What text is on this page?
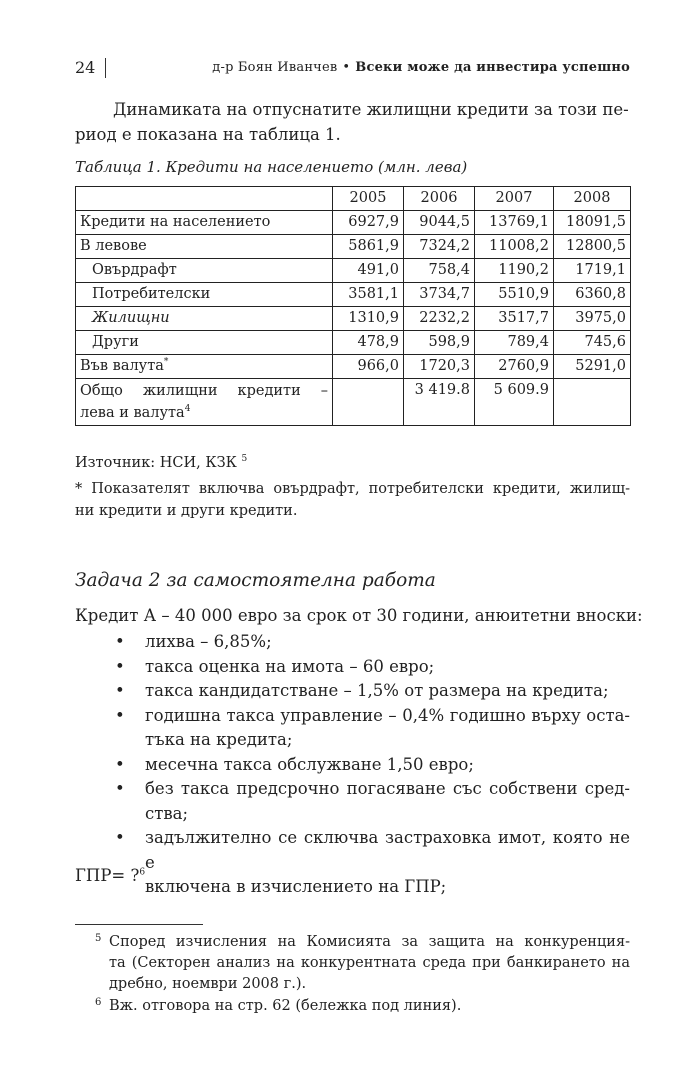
24	д-р Боян Иванчев • Всеки може да инвестира успешно

Динамиката на отпуснатите жилищни кредити за този пе-
риод е показана на таблица 1.

Таблица 1. Кредити на населението (млн. лева)
	2005	2006	2007	2008
Кредити на населението	6927,9	9044,5	13769,1	18091,5
В левове	5861,9	7324,2	11008,2	12800,5
Овърдрафт	491,0	758,4	1190,2	1719,1
Потребителски	3581,1	3734,7	5510,9	6360,8
Жилищни	1310,9	2232,2	3517,7	3975,0
Други	478,9	598,9	789,4	745,6
Във валута*	966,0	1720,3	2760,9	5291,0

Общо жилищни кредити –
лева и валута$^4$		3 419.8	5 609.9	
Източник: НСИ, КЗК $^5$
* Показателят включва овърдрафт, потребителски кредити, жилищ-
ни кредити и други кредити.
Задача 2 за самостоятелна работа
Кредит А – 40 000 евро за срок от 30 години, анюитетни вноски:
• лихва – 6,85%;
• такса оценка на имота – 60 евро;
• такса кандидатстване – 1,5% от размера на кредита;
• годишна такса управление – 0,4% годишно върху оста-
тъка на кредита;
• месечна такса обслужване 1,50 евро;
• без такса предсрочно погасяване със собствени сред-
ства;
• задължително се сключва застраховка имот, която не е
включена в изчислението на ГПР;
ГПР= ?$^6$
5 Според изчисления на Комисията за защита на конкуренция-
та (Секторен анализ на конкурентната среда при банкирането на
дребно, ноември 2008 г.).
6 Вж. отговора на стр. 62 (бележка под линия).
